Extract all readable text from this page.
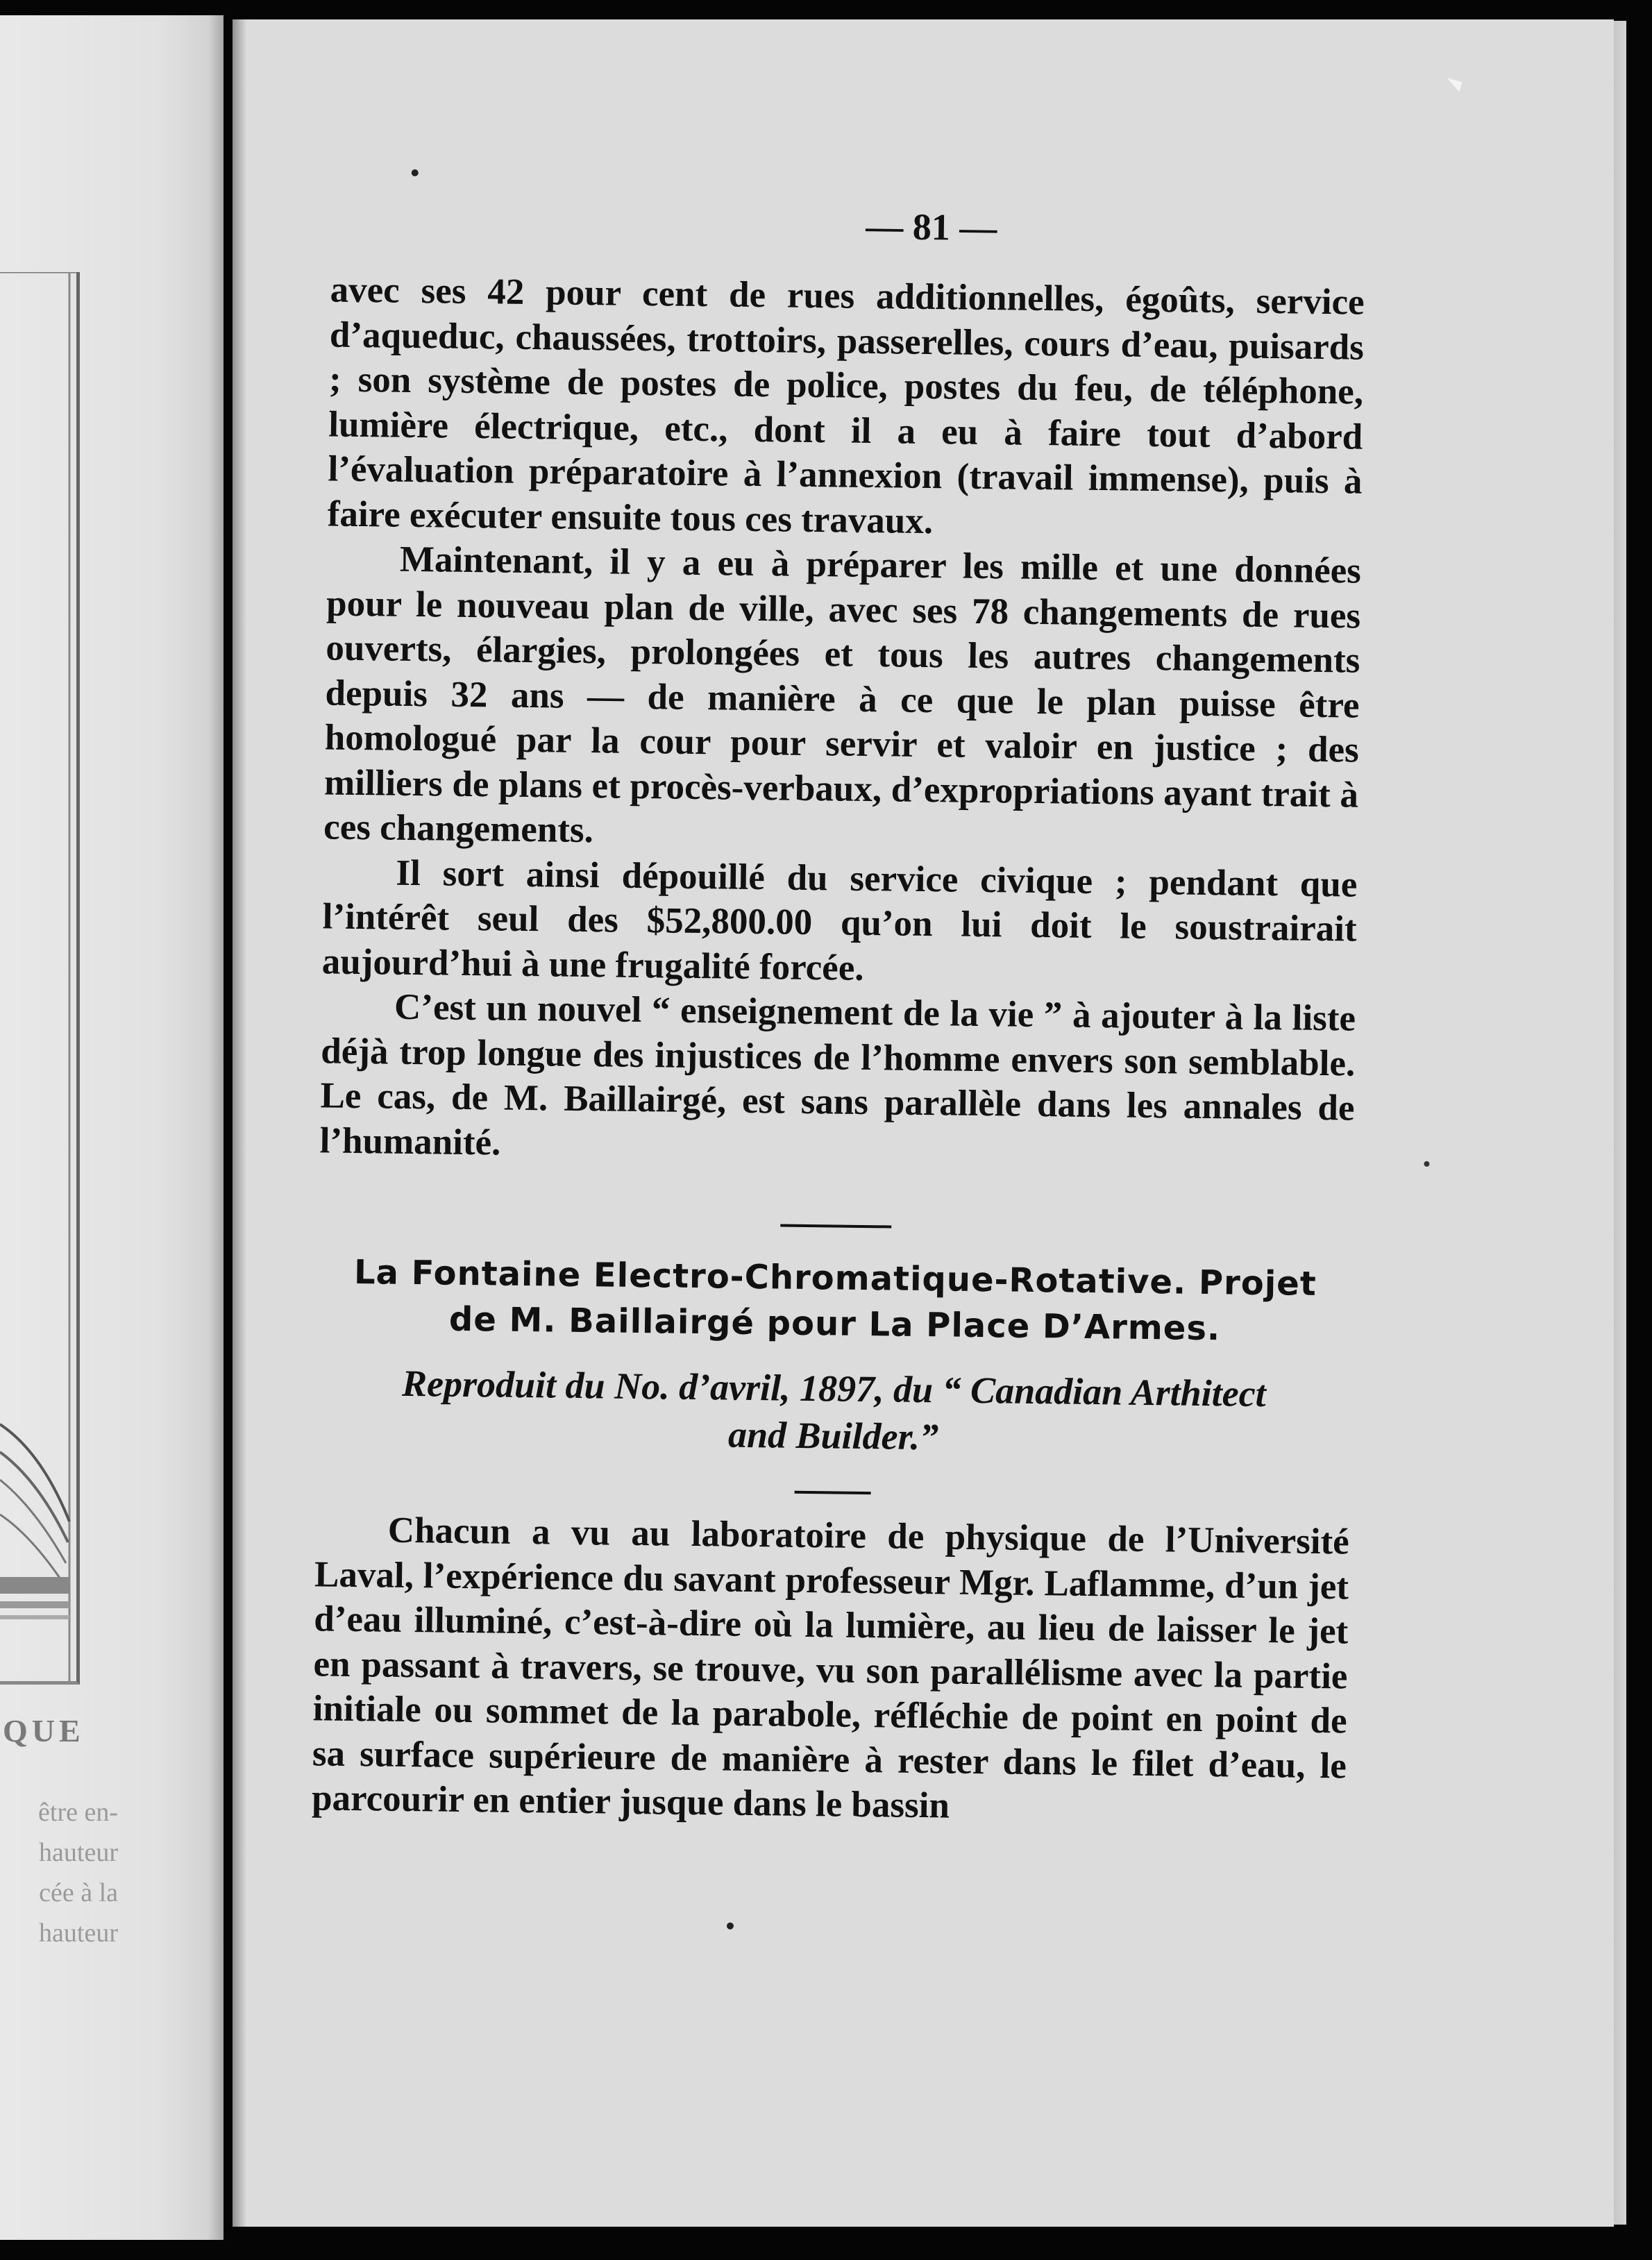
QUE
être en-
hauteur
cée à la
hauteur
— 81 —

avec ses 42 pour cent de rues additionnelles, égoûts, service d’aqueduc, chaussées, trottoirs, passerelles, cours d’eau, puisards ; son système de postes de police, postes du feu, de téléphone, lumière électrique, etc., dont il a eu à faire tout d’abord l’évaluation préparatoire à l’annexion (travail immense), puis à faire exécuter ensuite tous ces travaux.

Maintenant, il y a eu à préparer les mille et une données pour le nouveau plan de ville, avec ses 78 changements de rues ouverts, élargies, prolongées et tous les autres changements depuis 32 ans — de manière à ce que le plan puisse être homologué par la cour pour servir et valoir en justice ; des milliers de plans et procès-verbaux, d’expropriations ayant trait à ces changements.

Il sort ainsi dépouillé du service civique ; pendant que l’intérêt seul des $52,800.00 qu’on lui doit le soustrairait aujourd’hui à une frugalité forcée.

C’est un nouvel “ enseignement de la vie ” à ajouter à la liste déjà trop longue des injustices de l’homme envers son semblable. Le cas, de M. Baillairgé, est sans parallèle dans les annales de l’humanité.

La Fontaine Electro-Chromatique-Rotative. Projet

de M. Baillairgé pour La Place D’Armes.

Reproduit du No. d’avril, 1897, du “ Canadian Arthitect

and Builder.”

Chacun a vu au laboratoire de physique de l’Université Laval, l’expérience du savant professeur Mgr. Laflamme, d’un jet d’eau illuminé, c’est-à-dire où la lumière, au lieu de laisser le jet en passant à travers, se trouve, vu son parallélisme avec la partie initiale ou sommet de la parabole, réfléchie de point en point de sa surface supérieure de manière à rester dans le filet d’eau, le parcourir en entier jusque dans le bassin
